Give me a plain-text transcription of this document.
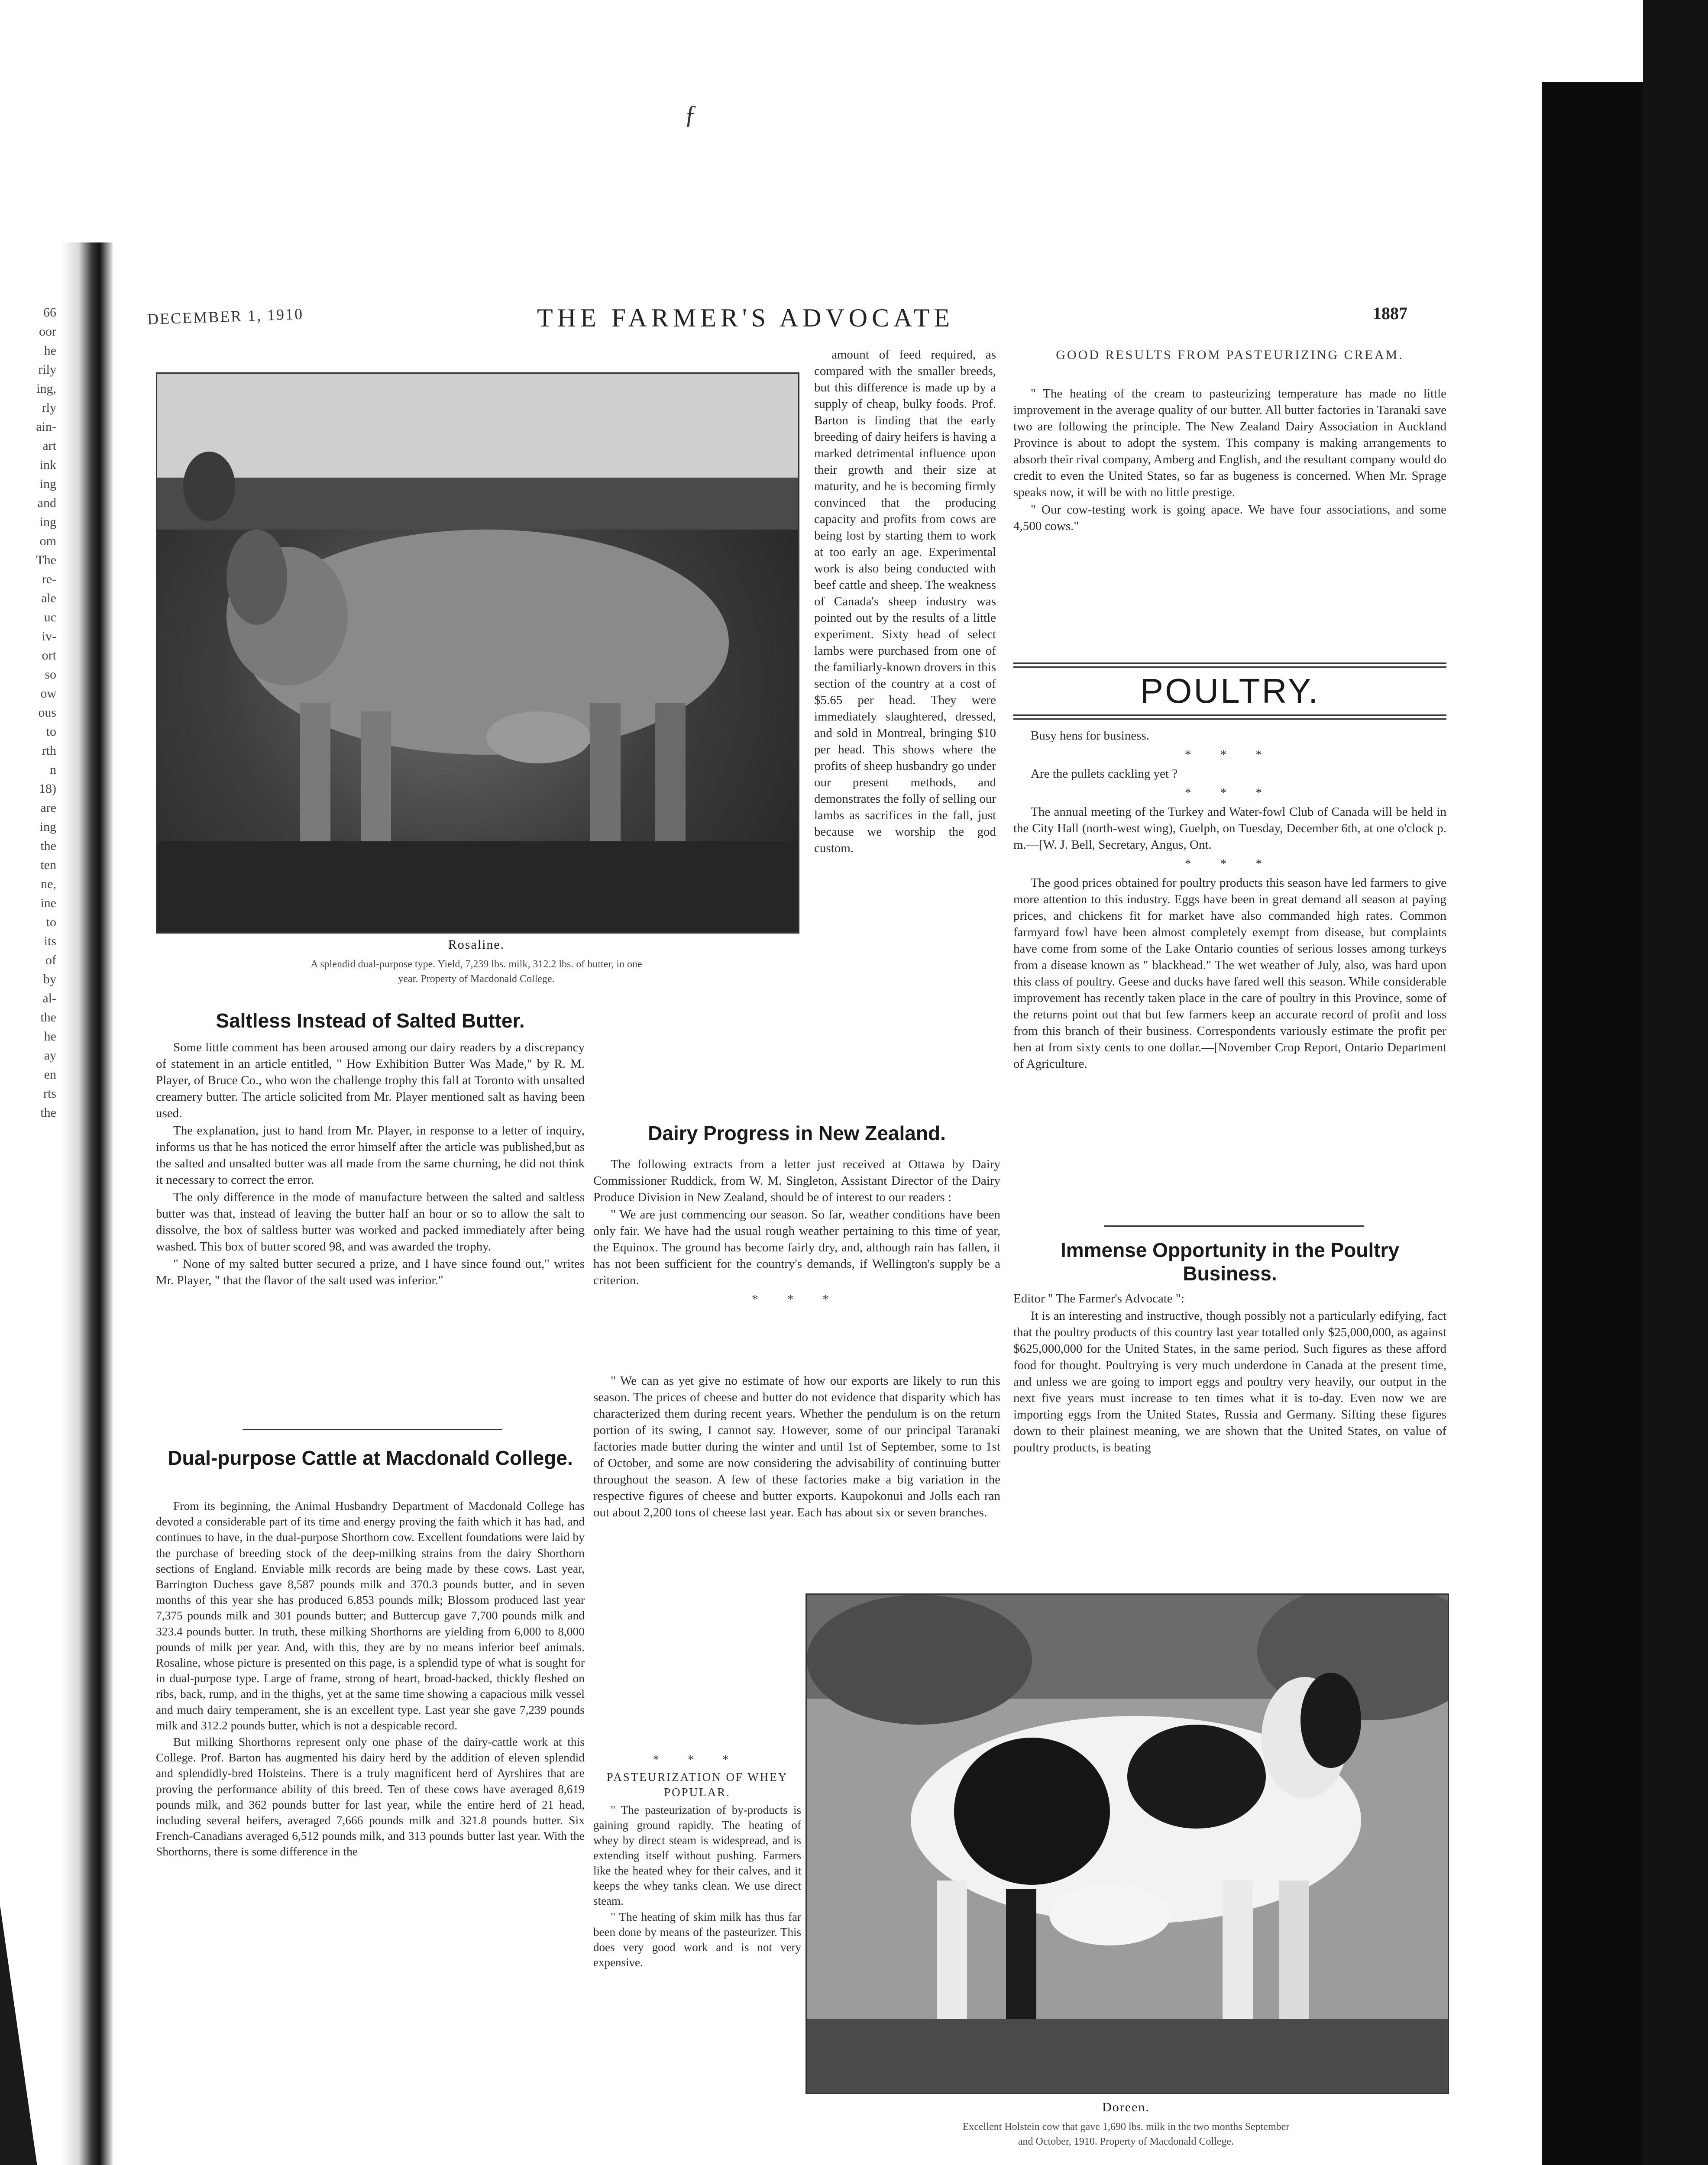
66
oor
he
rily
ing,
rly
ain-
art
ink
ing
and
ing
om
The
re-
ale
uc
iv-
ort
so
ow
ous
to
rth
n
18)
are
ing
the
ten
ne,
ine
to
its
of
by
al-
the
he
ay
en
rts
the
ƒ
DECEMBER 1, 1910	THE FARMER'S ADVOCATE	1887
Rosaline.
A splendid dual-purpose type. Yield, 7,239 lbs. milk, 312.2 lbs. of butter, in one
year. Property of Macdonald College.

amount of feed required, as compared with the smaller breeds, but this difference is made up by a supply of cheap, bulky foods. Prof. Barton is finding that the early breeding of dairy heifers is having a marked detrimental influence upon their growth and their size at maturity, and he is becoming firmly convinced that the producing capacity and profits from cows are being lost by starting them to work at too early an age. Experimental work is also being conducted with beef cattle and sheep. The weakness of Canada's sheep industry was pointed out by the results of a little experiment. Sixty head of select lambs were purchased from one of the familiarly-known drovers in this section of the country at a cost of $5.65 per head. They were immediately slaughtered, dressed, and sold in Montreal, bringing $10 per head. This shows where the profits of sheep husbandry go under our present methods, and demonstrates the folly of selling our lambs as sacrifices in the fall, just because we worship the god custom.

Saltless Instead of Salted Butter.

Some little comment has been aroused among our dairy readers by a discrepancy of statement in an article entitled, " How Exhibition Butter Was Made," by R. M. Player, of Bruce Co., who won the challenge trophy this fall at Toronto with unsalted creamery butter. The article solicited from Mr. Player mentioned salt as having been used.

The explanation, just to hand from Mr. Player, in response to a letter of inquiry, informs us that he has noticed the error himself after the article was published,but as the salted and unsalted butter was all made from the same churning, he did not think it necessary to correct the error.

The only difference in the mode of manufacture between the salted and saltless butter was that, instead of leaving the butter half an hour or so to allow the salt to dissolve, the box of saltless butter was worked and packed immediately after being washed. This box of butter scored 98, and was awarded the trophy.

" None of my salted butter secured a prize, and I have since found out," writes Mr. Player, " that the flavor of the salt used was inferior."

Dual-purpose Cattle at Macdonald College.

From its beginning, the Animal Husbandry Department of Macdonald College has devoted a considerable part of its time and energy proving the faith which it has had, and continues to have, in the dual-purpose Shorthorn cow. Excellent foundations were laid by the purchase of breeding stock of the deep-milking strains from the dairy Shorthorn sections of England. Enviable milk records are being made by these cows. Last year, Barrington Duchess gave 8,587 pounds milk and 370.3 pounds butter, and in seven months of this year she has produced 6,853 pounds milk; Blossom produced last year 7,375 pounds milk and 301 pounds butter; and Buttercup gave 7,700 pounds milk and 323.4 pounds butter. In truth, these milking Shorthorns are yielding from 6,000 to 8,000 pounds of milk per year. And, with this, they are by no means inferior beef animals. Rosaline, whose picture is presented on this page, is a splendid type of what is sought for in dual-purpose type. Large of frame, strong of heart, broad-backed, thickly fleshed on ribs, back, rump, and in the thighs, yet at the same time showing a capacious milk vessel and much dairy temperament, she is an excellent type. Last year she gave 7,239 pounds milk and 312.2 pounds butter, which is not a despicable record.

But milking Shorthorns represent only one phase of the dairy-cattle work at this College. Prof. Barton has augmented his dairy herd by the addition of eleven splendid and splendidly-bred Holsteins. There is a truly magnificent herd of Ayrshires that are proving the performance ability of this breed. Ten of these cows have averaged 8,619 pounds milk, and 362 pounds butter for last year, while the entire herd of 21 head, including several heifers, averaged 7,666 pounds milk and 321.8 pounds butter. Six French-Canadians averaged 6,512 pounds milk, and 313 pounds butter last year. With the Shorthorns, there is some difference in the

Dairy Progress in New Zealand.

The following extracts from a letter just received at Ottawa by Dairy Commissioner Ruddick, from W. M. Singleton, Assistant Director of the Dairy Produce Division in New Zealand, should be of interest to our readers :

" We are just commencing our season. So far, weather conditions have been only fair. We have had the usual rough weather pertaining to this time of year, the Equinox. The ground has become fairly dry, and, although rain has fallen, it has not been sufficient for the country's demands, if Wellington's supply be a criterion.

* * *

" We can as yet give no estimate of how our exports are likely to run this season. The prices of cheese and butter do not evidence that disparity which has characterized them during recent years. Whether the pendulum is on the return portion of its swing, I cannot say. However, some of our principal Taranaki factories made butter during the winter and until 1st of September, some to 1st of October, and some are now considering the advisability of continuing butter throughout the season. A few of these factories make a big variation in the respective figures of cheese and butter exports. Kaupokonui and Jolls each ran out about 2,200 tons of cheese last year. Each has about six or seven branches.

* * *
PASTEURIZATION OF WHEY POPULAR.

" The pasteurization of by-products is gaining ground rapidly. The heating of whey by direct steam is widespread, and is extending itself without pushing. Farmers like the heated whey for their calves, and it keeps the whey tanks clean. We use direct steam.

" The heating of skim milk has thus far been done by means of the pasteurizer. This does very good work and is not very expensive.

GOOD RESULTS FROM PASTEURIZING CREAM.

" The heating of the cream to pasteurizing temperature has made no little improvement in the average quality of our butter. All butter factories in Taranaki save two are following the principle. The New Zealand Dairy Association in Auckland Province is about to adopt the system. This company is making arrangements to absorb their rival company, Amberg and English, and the resultant company would do credit to even the United States, so far as bugeness is concerned. When Mr. Sprage speaks now, it will be with no little prestige.

" Our cow-testing work is going apace. We have four associations, and some 4,500 cows."

POULTRY.

Busy hens for business.

* * *

Are the pullets cackling yet ?

* * *

The annual meeting of the Turkey and Water-fowl Club of Canada will be held in the City Hall (north-west wing), Guelph, on Tuesday, December 6th, at one o'clock p. m.—[W. J. Bell, Secretary, Angus, Ont.

* * *

The good prices obtained for poultry products this season have led farmers to give more attention to this industry. Eggs have been in great demand all season at paying prices, and chickens fit for market have also commanded high rates. Common farmyard fowl have been almost completely exempt from disease, but complaints have come from some of the Lake Ontario counties of serious losses among turkeys from a disease known as " blackhead." The wet weather of July, also, was hard upon this class of poultry. Geese and ducks have fared well this season. While considerable improvement has recently taken place in the care of poultry in this Province, some of the returns point out that but few farmers keep an accurate record of profit and loss from this branch of their business. Correspondents variously estimate the profit per hen at from sixty cents to one dollar.—[November Crop Report, Ontario Department of Agriculture.

Immense Opportunity in the Poultry Business.

Editor " The Farmer's Advocate ":

It is an interesting and instructive, though possibly not a particularly edifying, fact that the poultry products of this country last year totalled only $25,000,000, as against $625,000,000 for the United States, in the same period. Such figures as these afford food for thought. Poultrying is very much underdone in Canada at the present time, and unless we are going to import eggs and poultry very heavily, our output in the next five years must increase to ten times what it is to-day. Even now we are importing eggs from the United States, Russia and Germany. Sifting these figures down to their plainest meaning, we are shown that the United States, on value of poultry products, is beating

Doreen.
Excellent Holstein cow that gave 1,690 lbs. milk in the two months September
and October, 1910. Property of Macdonald College.
